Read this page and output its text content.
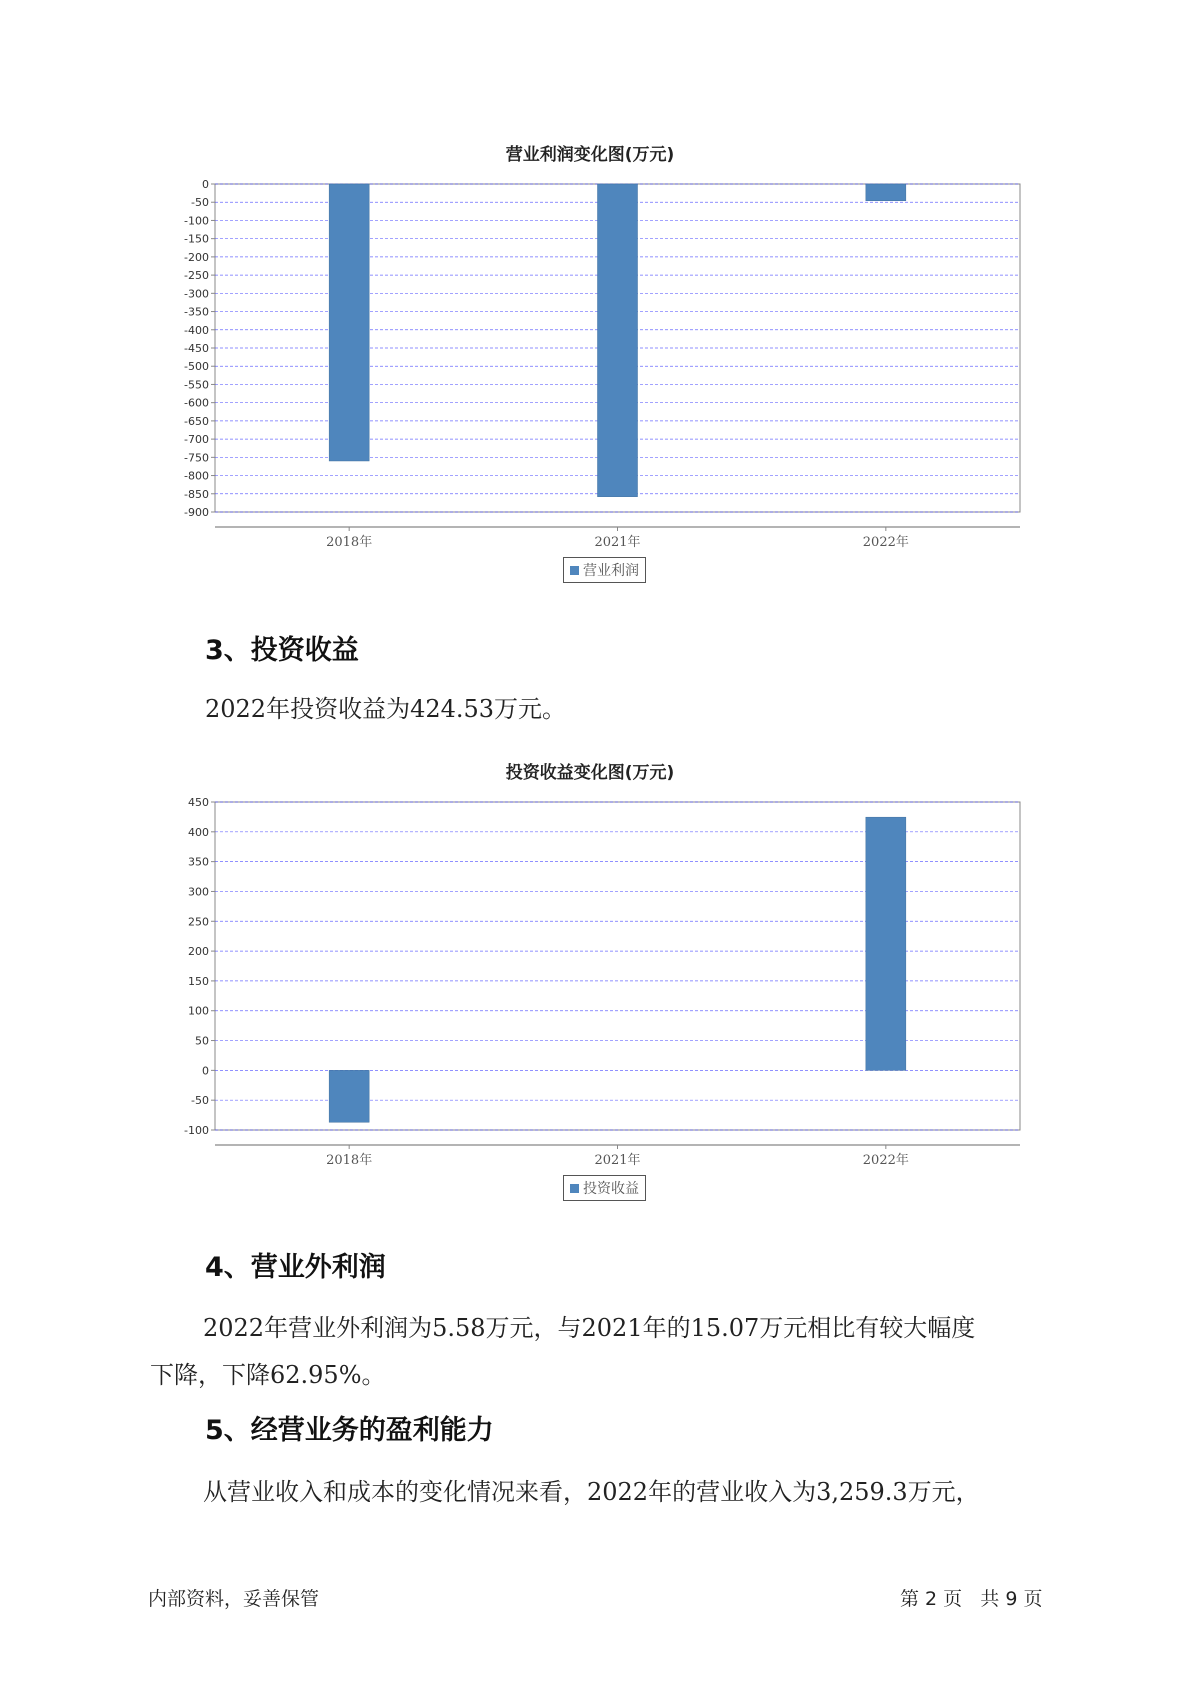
营业利润变化图(万元)
0
-50
-100
-150
-200
-250
-300
-350
-400
-450
-500
-550
-600
-650
-700
-750
-800
-850
-900
2018年	2021年	2022年
营业利润
3、投资收益
2022年投资收益为424.53万元。
投资收益变化图(万元)
450
400
350
300
250
200
150
100
50
0
-50
-100
2018年	2021年	2022年
投资收益
4、营业外利润
2022年营业外利润为5.58万元，与2021年的15.07万元相比有较大幅度
下降，下降62.95%。
5、经营业务的盈利能力
从营业收入和成本的变化情况来看，2022年的营业收入为3,259.3万元，
内部资料，妥善保管	第 2 页   共 9 页
